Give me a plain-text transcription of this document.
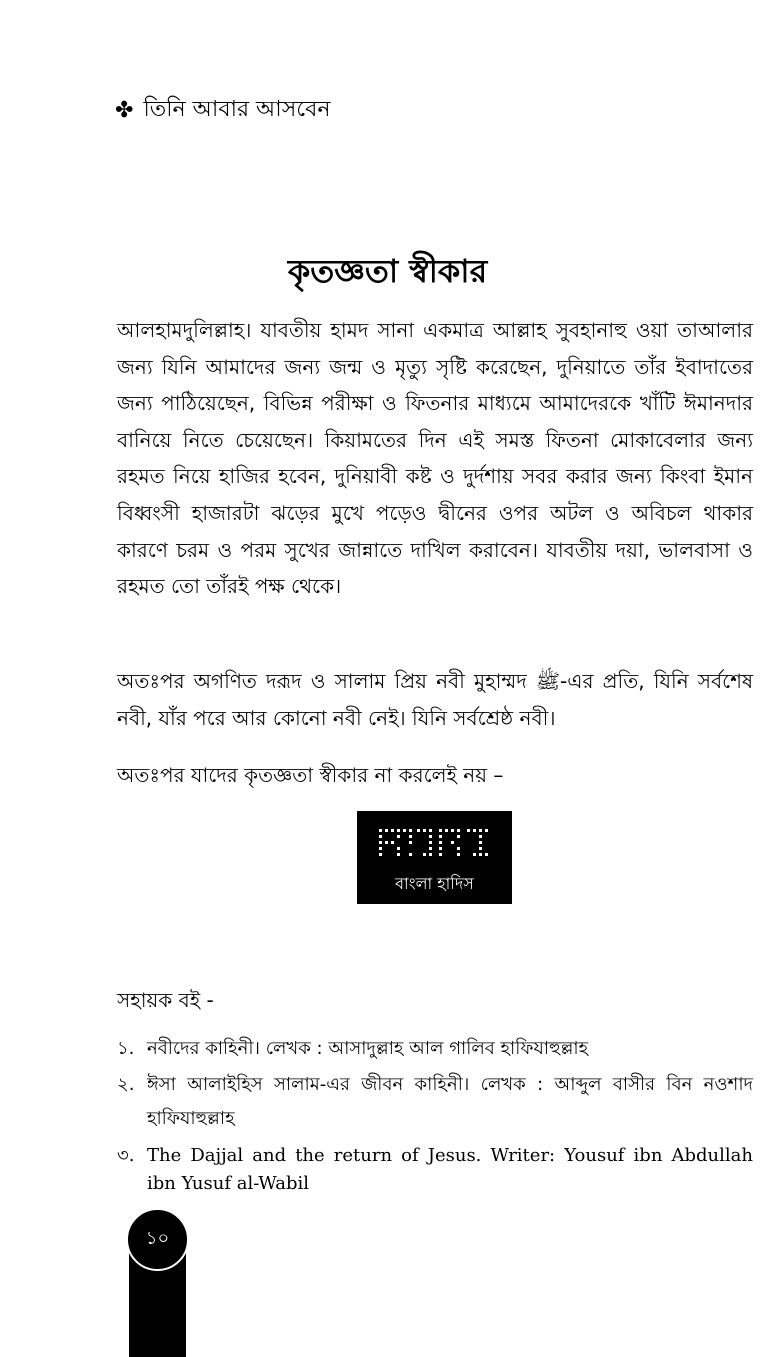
✤ তিনি আবার আসবেন
কৃতজ্ঞতা স্বীকার
আলহামদুলিল্লাহ। যাবতীয় হামদ সানা একমাত্র আল্লাহ সুবহানাহু ওয়া তাআলার জন্য যিনি আমাদের জন্য জন্ম ও মৃত্যু সৃষ্টি করেছেন, দুনিয়াতে তাঁর ইবাদাতের জন্য পাঠিয়েছেন, বিভিন্ন পরীক্ষা ও ফিতনার মাধ্যমে আমাদেরকে খাঁটি ঈমানদার বানিয়ে নিতে চেয়েছেন। কিয়ামতের দিন এই সমস্ত ফিতনা মোকাবেলার জন্য রহমত নিয়ে হাজির হবেন, দুনিয়াবী কষ্ট ও দুর্দশায় সবর করার জন্য কিংবা ইমান বিধ্বংসী হাজারটা ঝড়ের মুখে পড়েও দ্বীনের ওপর অটল ও অবিচল থাকার কারণে চরম ও পরম সুখের জান্নাতে দাখিল করাবেন। যাবতীয় দয়া, ভালবাসা ও রহমত তো তাঁরই পক্ষ থেকে।
অতঃপর অগণিত দরূদ ও সালাম প্রিয় নবী মুহাম্মদ ﷺ-এর প্রতি, যিনি সর্বশেষ নবী, যাঁর পরে আর কোনো নবী নেই। যিনি সর্বশ্রেষ্ঠ নবী।
অতঃপর যাদের কৃতজ্ঞতা স্বীকার না করলেই নয় –
বাংলা হাদিস
সহায়ক বই -
১. নবীদের কাহিনী। লেখক : আসাদুল্লাহ আল গালিব হাফিযাহুল্লাহ
২. ঈসা আলাইহিস সালাম-এর জীবন কাহিনী। লেখক : আব্দুল বাসীর বিন নওশাদ হাফিযাহুল্লাহ
৩. The Dajjal and the return of Jesus. Writer: Yousuf ibn Abdullah ibn Yusuf al-Wabil
১০
